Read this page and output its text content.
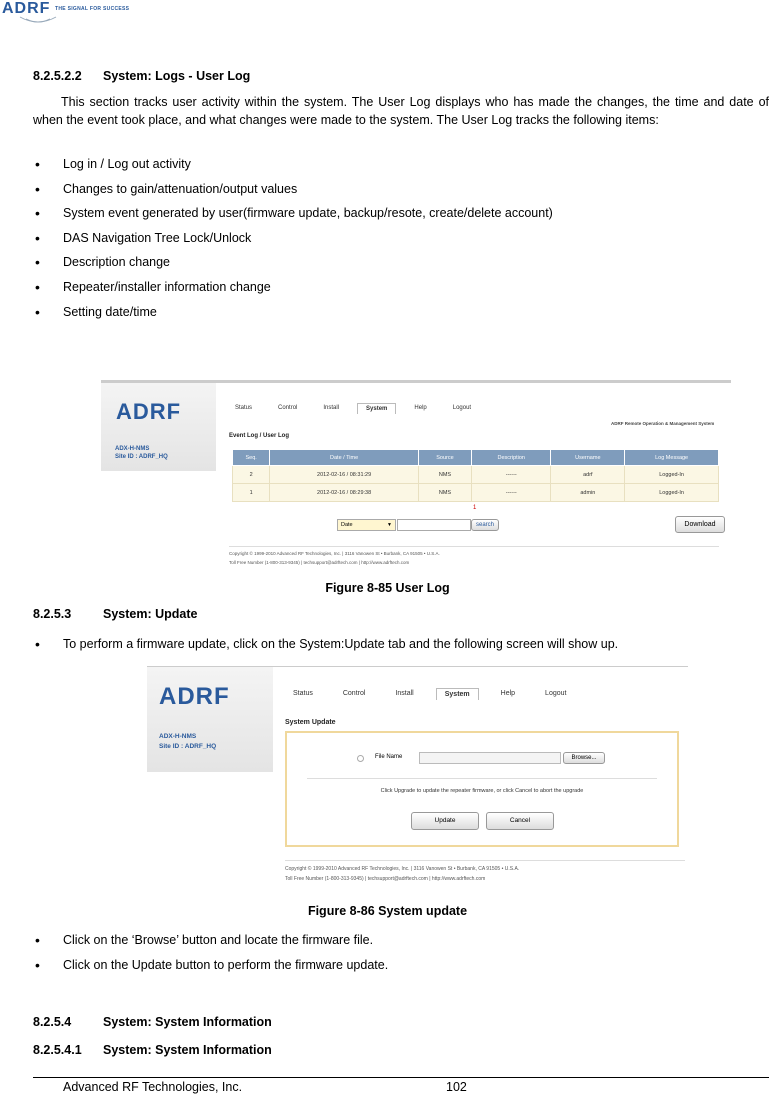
ADRF THE SIGNAL FOR SUCCESS
8.2.5.2.2 System: Logs - User Log
This section tracks user activity within the system. The User Log displays who has made the changes, the time and date of when the event took place, and what changes were made to the system. The User Log tracks the following items:
• Log in / Log out activity
• Changes to gain/attenuation/output values
• System event generated by user(firmware update, backup/resote, create/delete account)
• DAS Navigation Tree Lock/Unlock
• Description change
• Repeater/installer information change
• Setting date/time
ADRF
ADX-H-NMS
Site ID : ADRF_HQ
Status	Control	Install	System	Help	Logout
ADRF Remote Operation & Management System
Event Log / User Log
Seq.	Date / Time	Source	Description	Username	Log Message
2	2012-02-16 / 08:31:29	NMS	------	adrf	Logged-In
1	2012-02-16 / 08:29:38	NMS	------	admin	Logged-In
1
Date	▼	search	Download
Copyright © 1999-2010 Advanced RF Technologies, Inc. | 3116 Vanowen St • Burbank, CA 91505 • U.S.A.
Toll Free Number (1-800-313-9345) | techsupport@adrftech.com | http://www.adrftech.com
Figure 8-85 User Log
8.2.5.3	System: Update
• To perform a firmware update, click on the System:Update tab and the following screen will show up.
ADRF
ADX-H-NMS
Site ID : ADRF_HQ
Status	Control	Install	System	Help	Logout
System Update
File Name	Browse...
Click Upgrade to update the repeater firmware, or click Cancel to abort the upgrade
Update	Cancel
Copyright © 1999-2010 Advanced RF Technologies, Inc. | 3116 Vanowen St • Burbank, CA 91505 • U.S.A.
Toll Free Number (1-800-313-9345) | techsupport@adrftech.com | http://www.adrftech.com
Figure 8-86 System update
• Click on the ‘Browse’ button and locate the firmware file.
• Click on the Update button to perform the firmware update.
8.2.5.4	System: System Information
8.2.5.4.1 System: System Information
Advanced RF Technologies, Inc.	102
